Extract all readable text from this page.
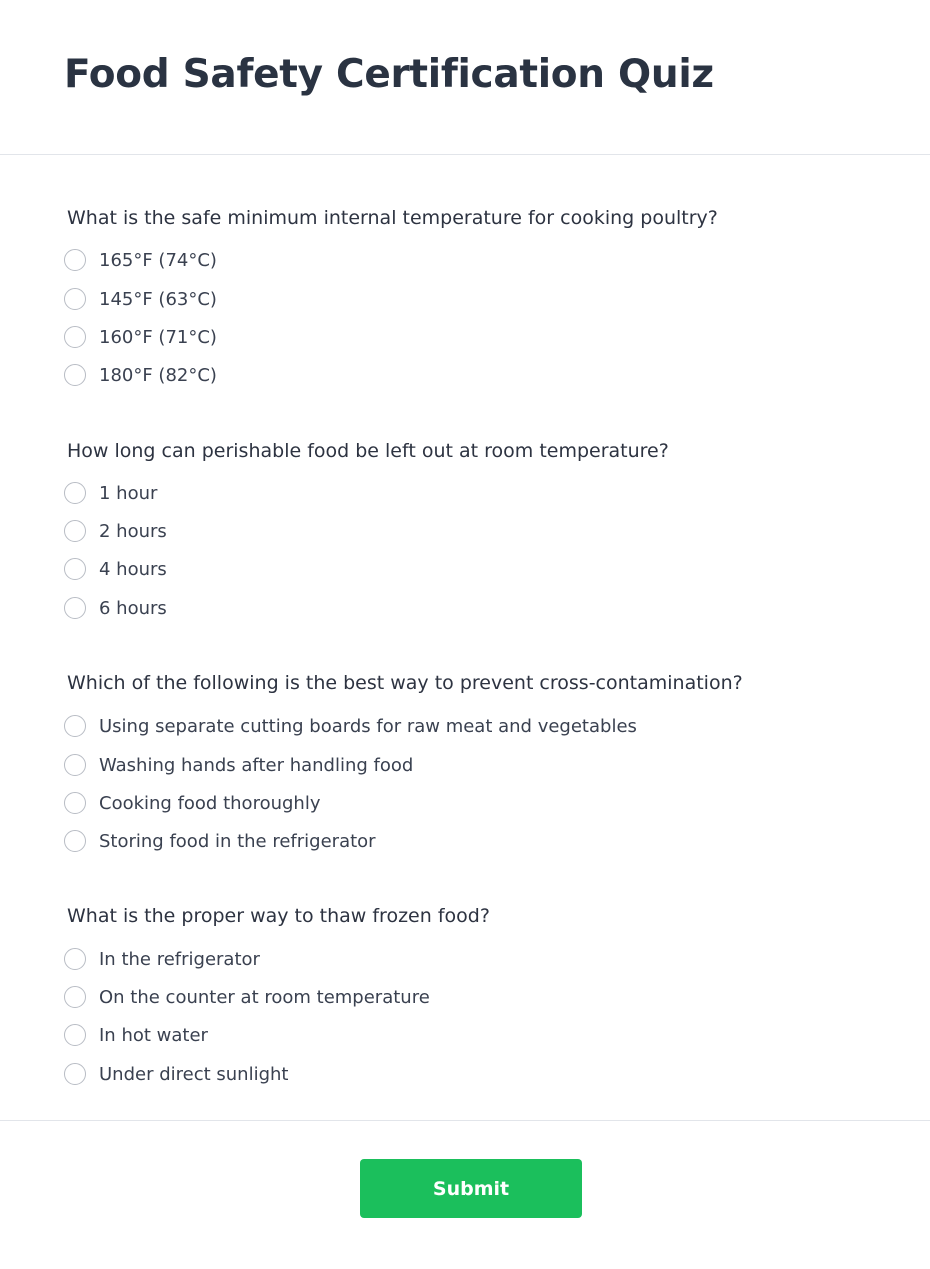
Food Safety Certification Quiz

What is the safe minimum internal temperature for cooking poultry?

165°F (74°C)
145°F (63°C)
160°F (71°C)
180°F (82°C)

How long can perishable food be left out at room temperature?

1 hour
2 hours
4 hours
6 hours

Which of the following is the best way to prevent cross-contamination?

Using separate cutting boards for raw meat and vegetables
Washing hands after handling food
Cooking food thoroughly
Storing food in the refrigerator

What is the proper way to thaw frozen food?

In the refrigerator
On the counter at room temperature
In hot water
Under direct sunlight
Submit
